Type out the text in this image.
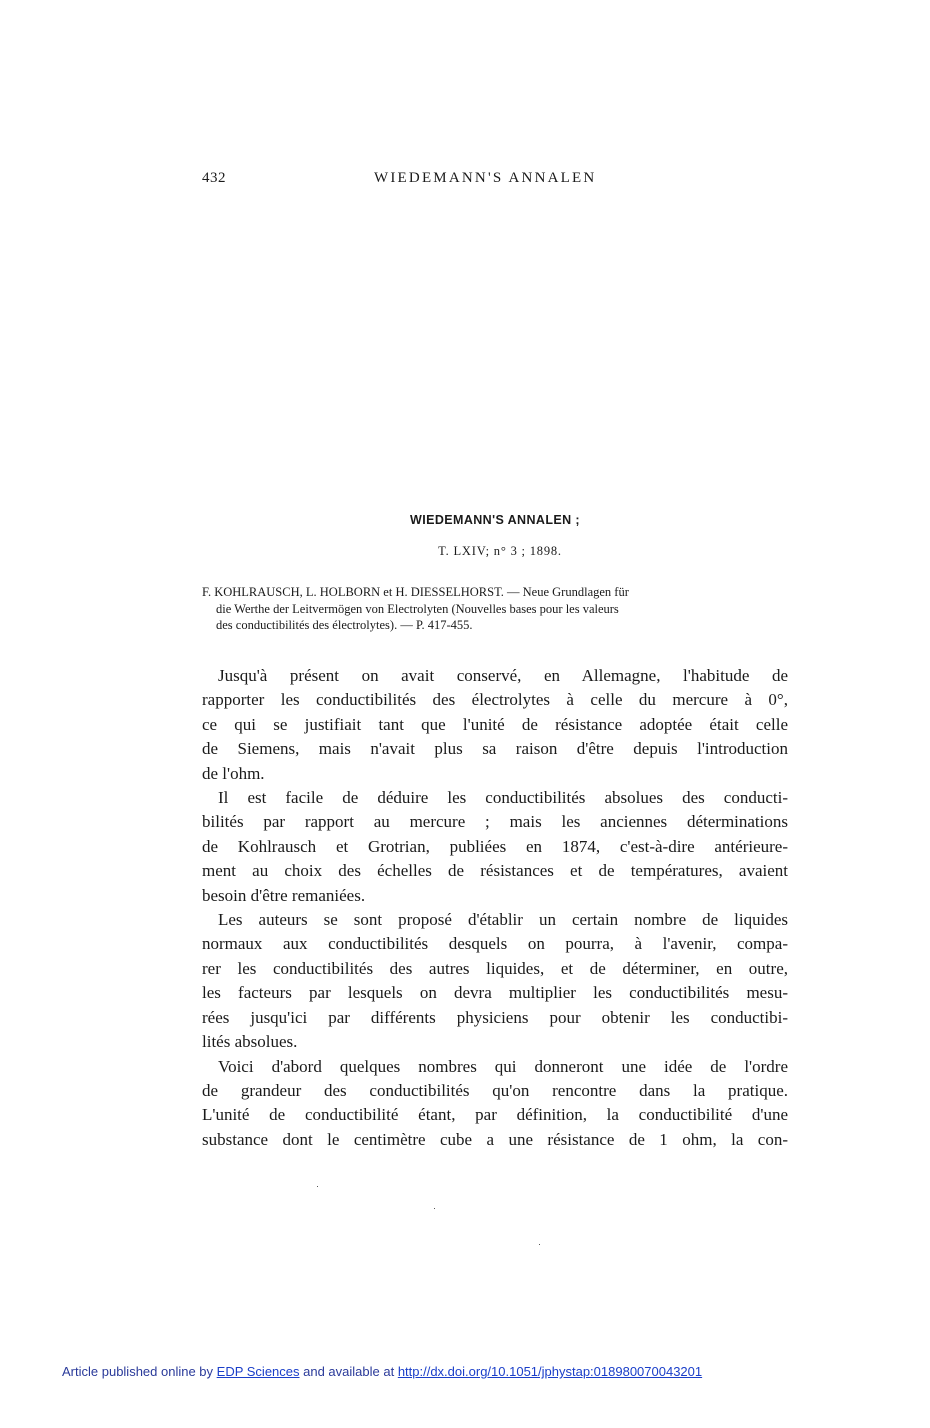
432	WIEDEMANN'S ANNALEN
WIEDEMANN'S ANNALEN ;
T. LXIV; n° 3 ; 1898.
F. KOHLRAUSCH, L. HOLBORN et H. DIESSELHORST. — Neue Grundlagen für
die Werthe der Leitvermögen von Electrolyten (Nouvelles bases pour les valeurs
des conductibilités des électrolytes). — P. 417-455.
Jusqu'à présent on avait conservé, en Allemagne, l'habitude de
rapporter les conductibilités des électrolytes à celle du mercure à 0°,
ce qui se justifiait tant que l'unité de résistance adoptée était celle
de Siemens, mais n'avait plus sa raison d'être depuis l'introduction
de l'ohm.
Il est facile de déduire les conductibilités absolues des conducti-
bilités par rapport au mercure ; mais les anciennes déterminations
de Kohlrausch et Grotrian, publiées en 1874, c'est-à-dire antérieure-
ment au choix des échelles de résistances et de températures, avaient
besoin d'être remaniées.
Les auteurs se sont proposé d'établir un certain nombre de liquides
normaux aux conductibilités desquels on pourra, à l'avenir, compa-
rer les conductibilités des autres liquides, et de déterminer, en outre,
les facteurs par lesquels on devra multiplier les conductibilités mesu-
rées jusqu'ici par différents physiciens pour obtenir les conductibi-
lités absolues.
Voici d'abord quelques nombres qui donneront une idée de l'ordre
de grandeur des conductibilités qu'on rencontre dans la pratique.
L'unité de conductibilité étant, par définition, la conductibilité d'une
substance dont le centimètre cube a une résistance de 1 ohm, la con-
Article published online by EDP Sciences and available at http://dx.doi.org/10.1051/jphystap:018980070043201
